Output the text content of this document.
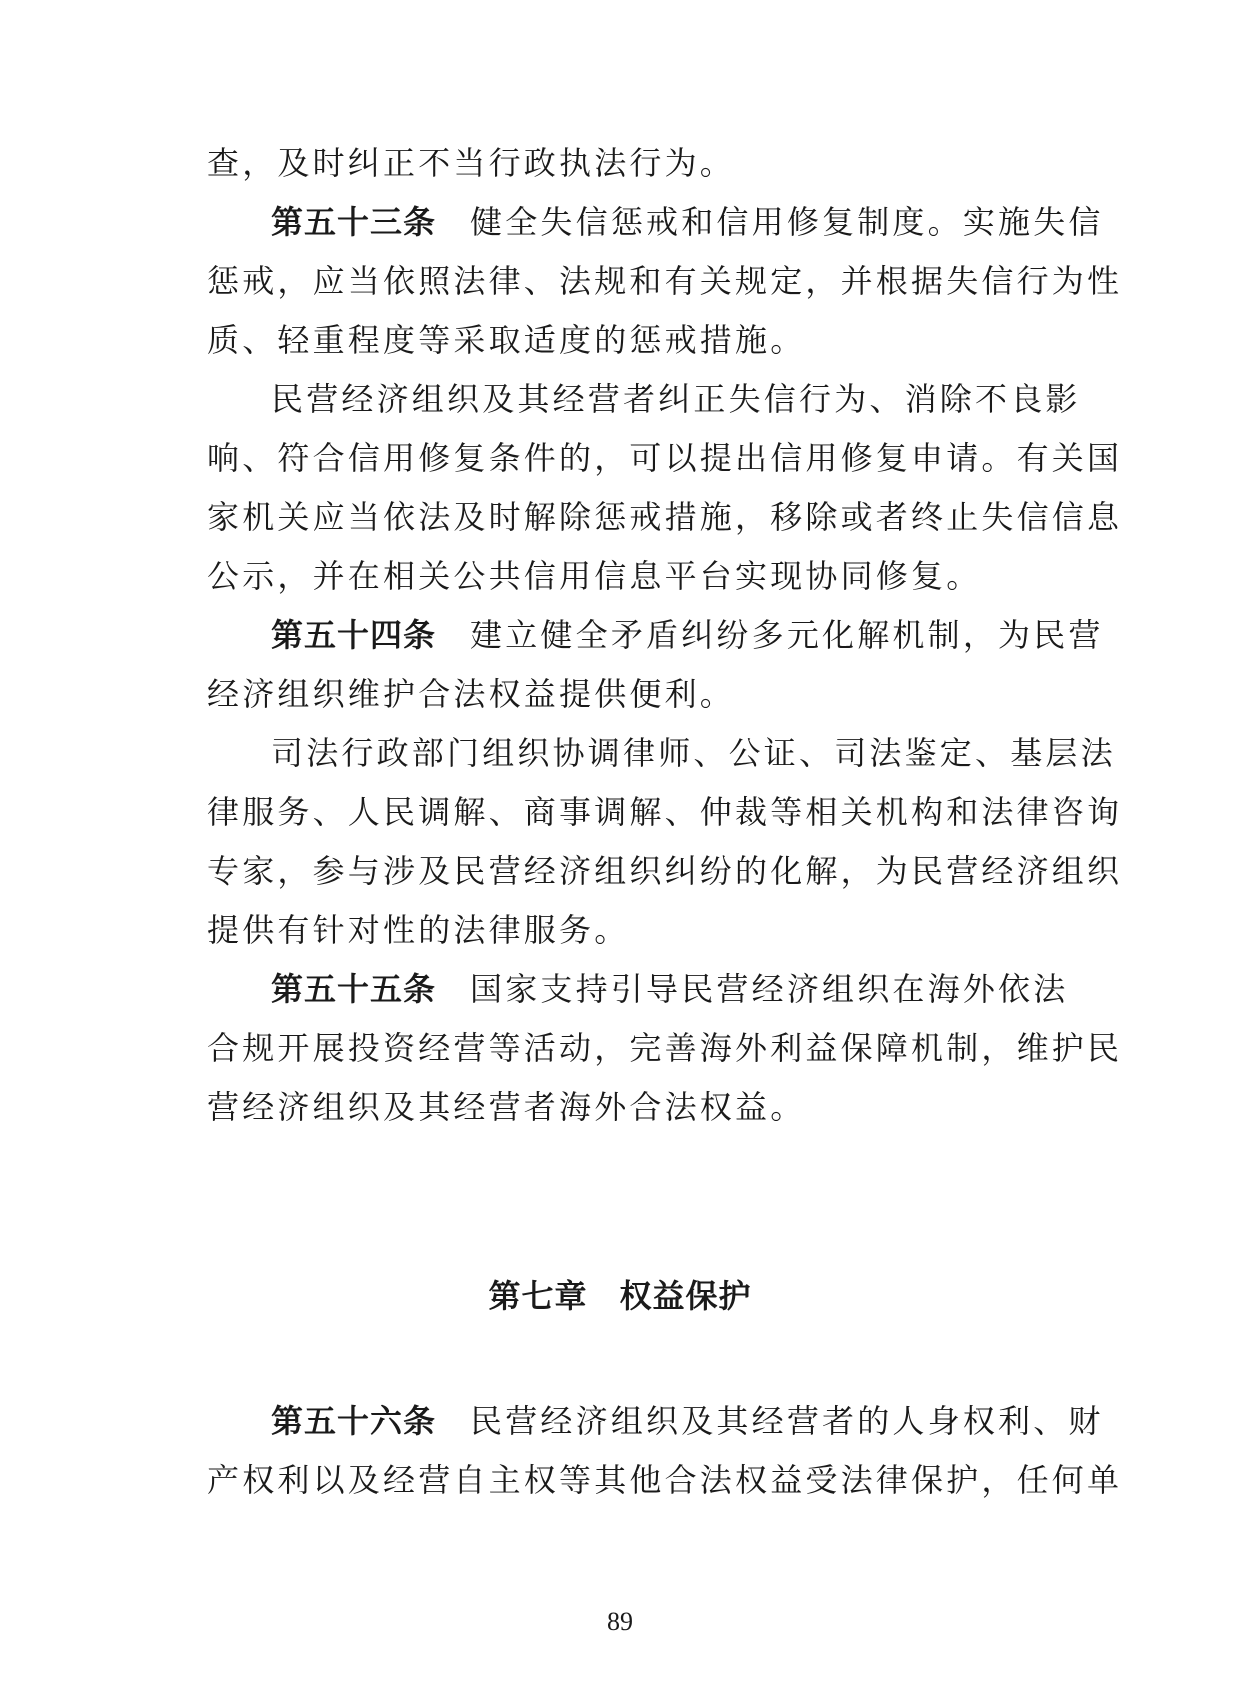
查，及时纠正不当行政执法行为。
第五十三条 健全失信惩戒和信用修复制度。实施失信
惩戒，应当依照法律、法规和有关规定，并根据失信行为性
质、轻重程度等采取适度的惩戒措施。
民营经济组织及其经营者纠正失信行为、消除不良影
响、符合信用修复条件的，可以提出信用修复申请。有关国
家机关应当依法及时解除惩戒措施，移除或者终止失信信息
公示，并在相关公共信用信息平台实现协同修复。
第五十四条 建立健全矛盾纠纷多元化解机制，为民营
经济组织维护合法权益提供便利。
司法行政部门组织协调律师、公证、司法鉴定、基层法
律服务、人民调解、商事调解、仲裁等相关机构和法律咨询
专家，参与涉及民营经济组织纠纷的化解，为民营经济组织
提供有针对性的法律服务。
第五十五条 国家支持引导民营经济组织在海外依法
合规开展投资经营等活动，完善海外利益保障机制，维护民
营经济组织及其经营者海外合法权益。
第七章 权益保护
第五十六条 民营经济组织及其经营者的人身权利、财
产权利以及经营自主权等其他合法权益受法律保护，任何单
89
